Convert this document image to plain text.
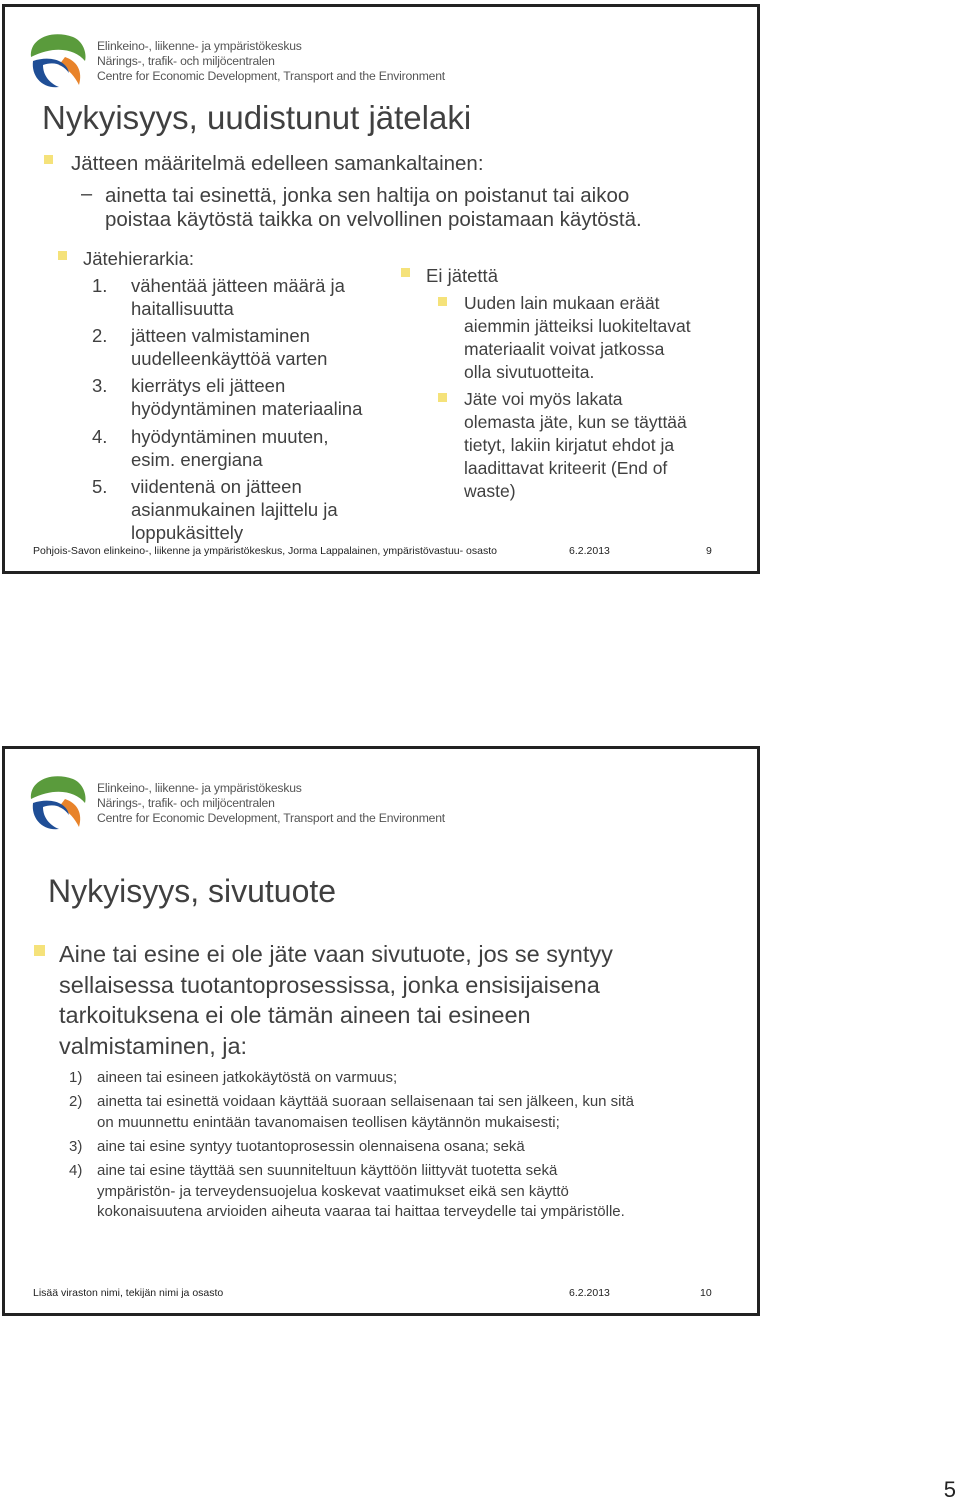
Elinkeino-, liikenne- ja ympäristökeskus
Närings-, trafik- och miljöcentralen
Centre for Economic Development, Transport and the Environment
Nykyisyys, uudistunut jätelaki
Jätteen määritelmä edelleen samankaltainen:
– ainetta tai esinettä, jonka sen haltija on poistanut tai aikoo
poistaa käytöstä taikka on velvollinen poistamaan käytöstä.
Jätehierarkia:
1. vähentää jätteen määrä ja
haitallisuutta
2. jätteen valmistaminen
uudelleenkäyttöä varten
3. kierrätys eli jätteen
hyödyntäminen materiaalina
4. hyödyntäminen muuten,
esim. energiana
5. viidentenä on jätteen
asianmukainen lajittelu ja
loppukäsittely
Ei jätettä
Uuden lain mukaan eräät
aiemmin jätteiksi luokiteltavat
materiaalit voivat jatkossa
olla sivutuotteita.
Jäte voi myös lakata
olemasta jäte, kun se täyttää
tietyt, lakiin kirjatut ehdot ja
laadittavat kriteerit (End of
waste)
Pohjois-Savon elinkeino-, liikenne ja ympäristökeskus, Jorma Lappalainen, ympäristövastuu- osasto	6.2.2013	9
Elinkeino-, liikenne- ja ympäristökeskus
Närings-, trafik- och miljöcentralen
Centre for Economic Development, Transport and the Environment
Nykyisyys, sivutuote
Aine tai esine ei ole jäte vaan sivutuote, jos se syntyy
sellaisessa tuotantoprosessissa, jonka ensisijaisena
tarkoituksena ei ole tämän aineen tai esineen
valmistaminen, ja:
1) aineen tai esineen jatkokäytöstä on varmuus;
2) ainetta tai esinettä voidaan käyttää suoraan sellaisenaan tai sen jälkeen, kun sitä
on muunnettu enintään tavanomaisen teollisen käytännön mukaisesti;
3) aine tai esine syntyy tuotantoprosessin olennaisena osana; sekä
4) aine tai esine täyttää sen suunniteltuun käyttöön liittyvät tuotetta sekä
ympäristön- ja terveydensuojelua koskevat vaatimukset eikä sen käyttö
kokonaisuutena arvioiden aiheuta vaaraa tai haittaa terveydelle tai ympäristölle.
Lisää viraston nimi, tekijän nimi ja osasto	6.2.2013	10
5
